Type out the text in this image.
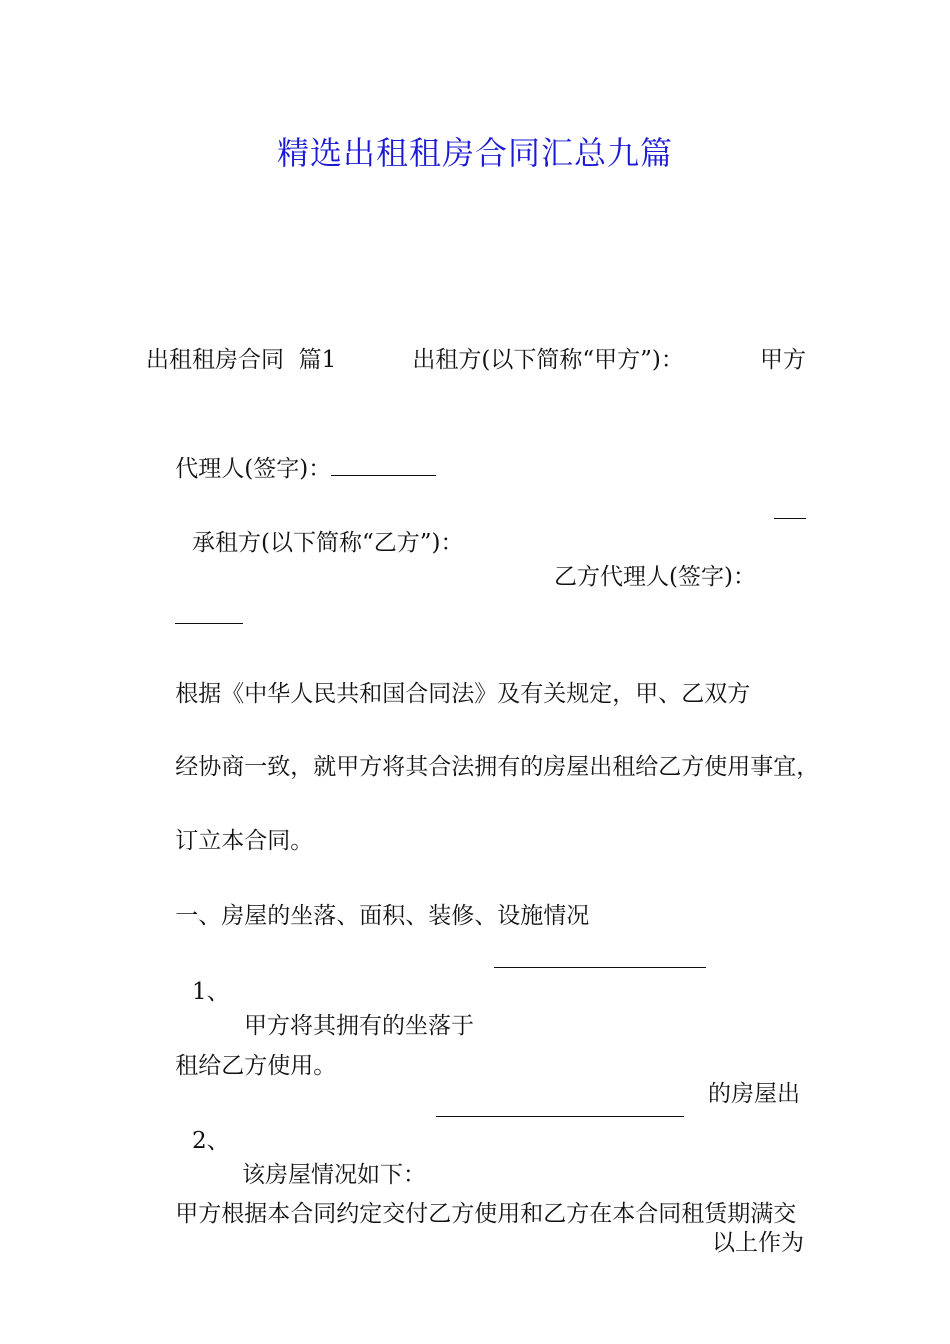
精选出租租房合同汇总九篇
出租租房合同  篇1	出租方(以下简称“甲方”)：	甲方

代理人(签字)：

承租方(以下简称“乙方”)：

乙方代理人(签字)：

根据《中华人民共和国合同法》及有关规定，甲、乙双方

经协商一致，就甲方将其合法拥有的房屋出租给乙方使用事宜，

订立本合同。

一、房屋的坐落、面积、装修、设施情况

1、

甲方将其拥有的坐落于

的房屋出

租给乙方使用。

2、

该房屋情况如下：

以上作为

甲方根据本合同约定交付乙方使用和乙方在本合同租赁期满交
